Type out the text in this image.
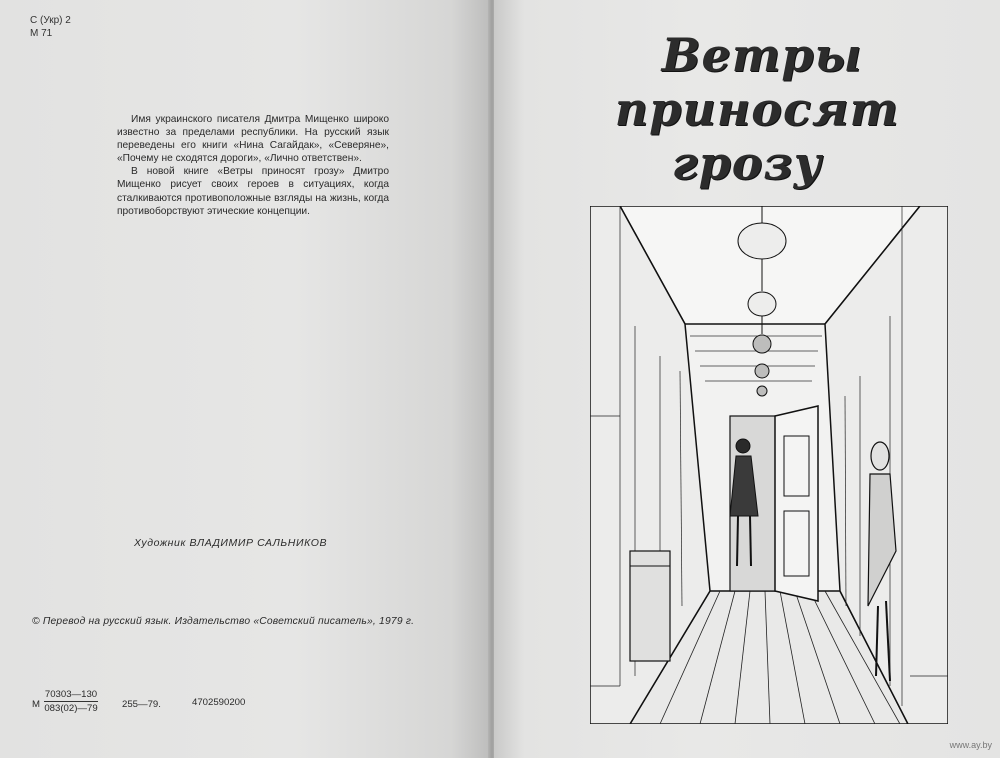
С (Укр) 2
М 71

Имя украинского писателя Дмитра Мищенко широко известно за пределами республики. На русский язык переведены его книги «Нина Сагайдак», «Северяне», «Почему не сходятся дороги», «Лично ответствен».

В новой книге «Ветры приносят грозу» Дмитро Мищенко рисует своих героев в ситуациях, когда сталкиваются противоположные взгляды на жизнь, когда противоборствуют этические концепции.

Художник ВЛАДИМИР САЛЬНИКОВ
© Перевод на русский язык. Издательство «Советский писатель», 1979 г.
М $\frac{70303—130}{083(02)—79}$	255—79.	4702590200
Ветры
приносят
грозу
www.ay.by
